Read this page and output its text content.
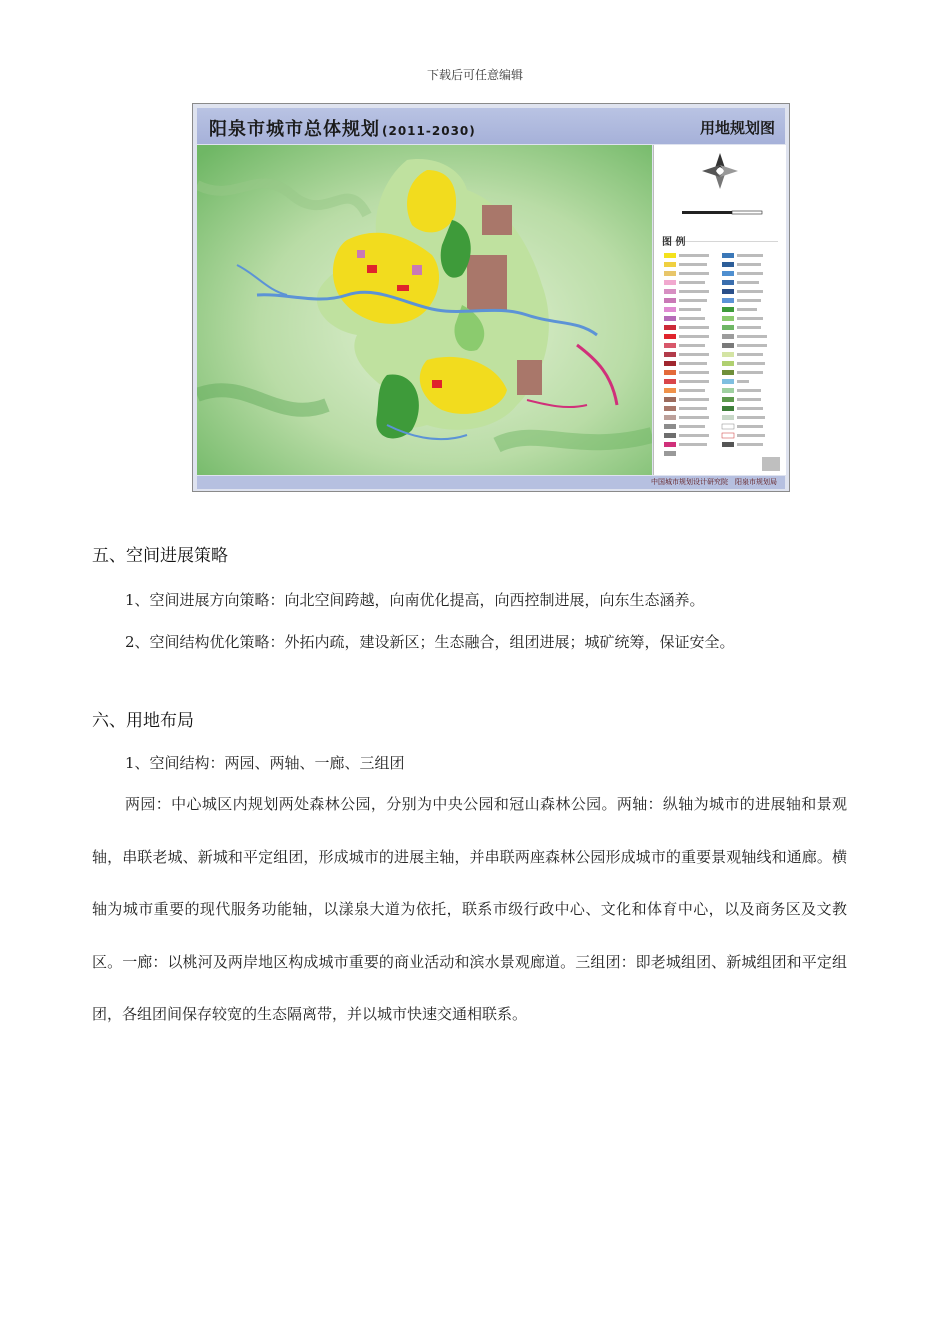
下载后可任意编辑
阳泉市城市总体规划 (2011-2030)	用地规划图
图 例
中国城市规划设计研究院　阳泉市规划局
五、空间进展策略

1、空间进展方向策略：向北空间跨越，向南优化提高，向西控制进展，向东生态涵养。

2、空间结构优化策略：外拓内疏，建设新区；生态融合，组团进展；城矿统筹，保证安全。

六、用地布局

1、空间结构：两园、两轴、一廊、三组团

两园：中心城区内规划两处森林公园，分别为中央公园和冠山森林公园。两轴：纵轴为城市的进展轴和景观轴，串联老城、新城和平定组团，形成城市的进展主轴，并串联两座森林公园形成城市的重要景观轴线和通廊。横轴为城市重要的现代服务功能轴，以漾泉大道为依托，联系市级行政中心、文化和体育中心，以及商务区及文教区。一廊：以桃河及两岸地区构成城市重要的商业活动和滨水景观廊道。三组团：即老城组团、新城组团和平定组团，各组团间保存较宽的生态隔离带，并以城市快速交通相联系。
